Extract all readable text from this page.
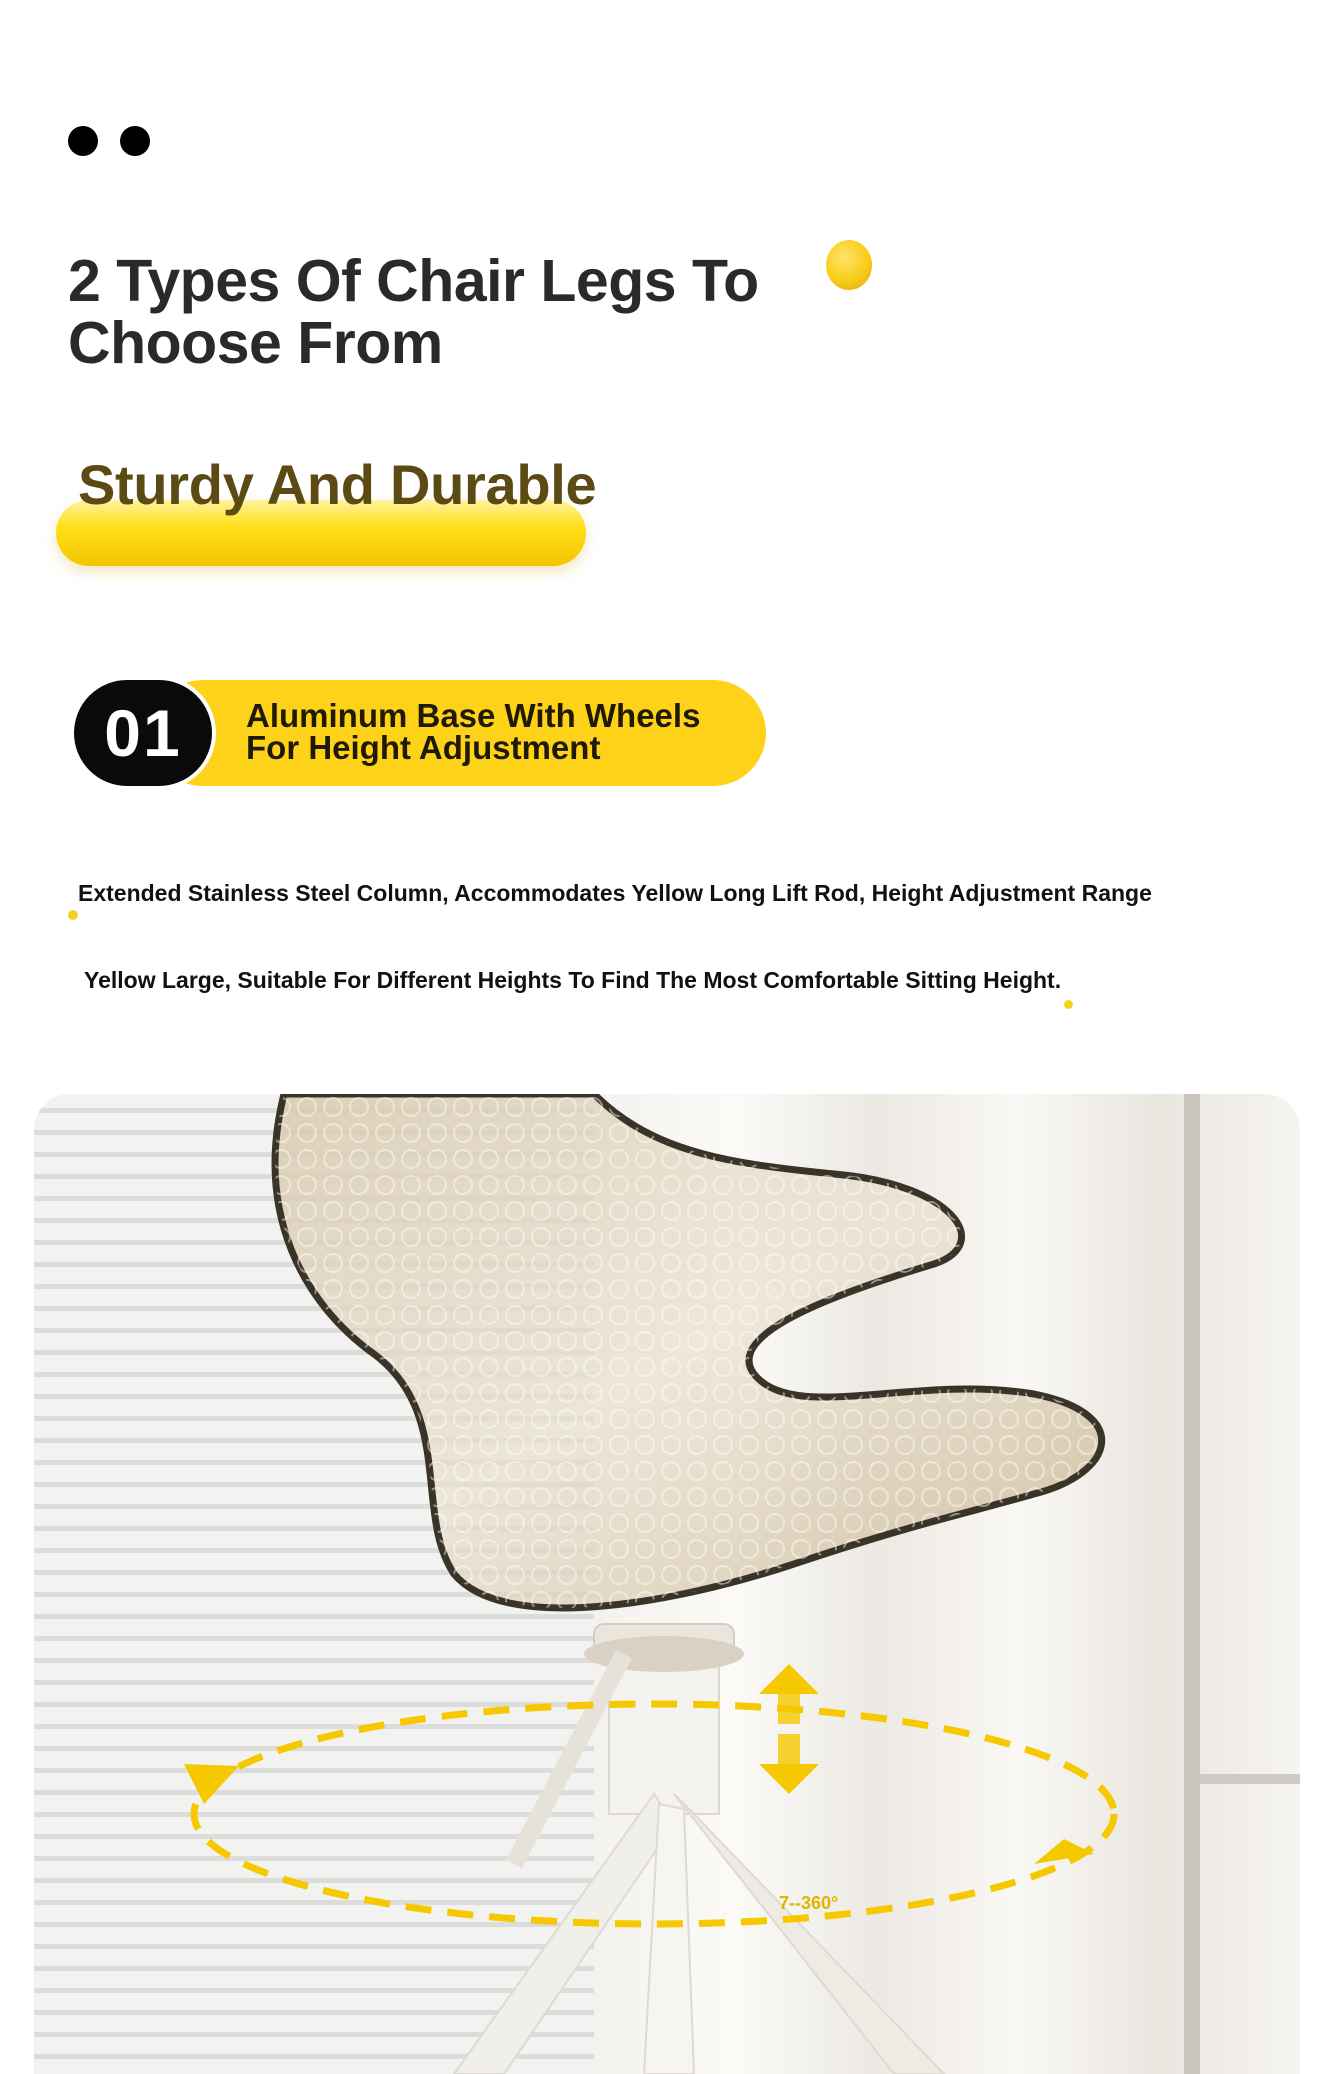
2 Types Of Chair Legs To Choose From
Sturdy And Durable
01	Aluminum Base With Wheels
For Height Adjustment
Extended Stainless Steel Column, Accommodates Yellow Long Lift Rod, Height Adjustment Range
Yellow Large, Suitable For Different Heights To Find The Most Comfortable Sitting Height.
7--360°
